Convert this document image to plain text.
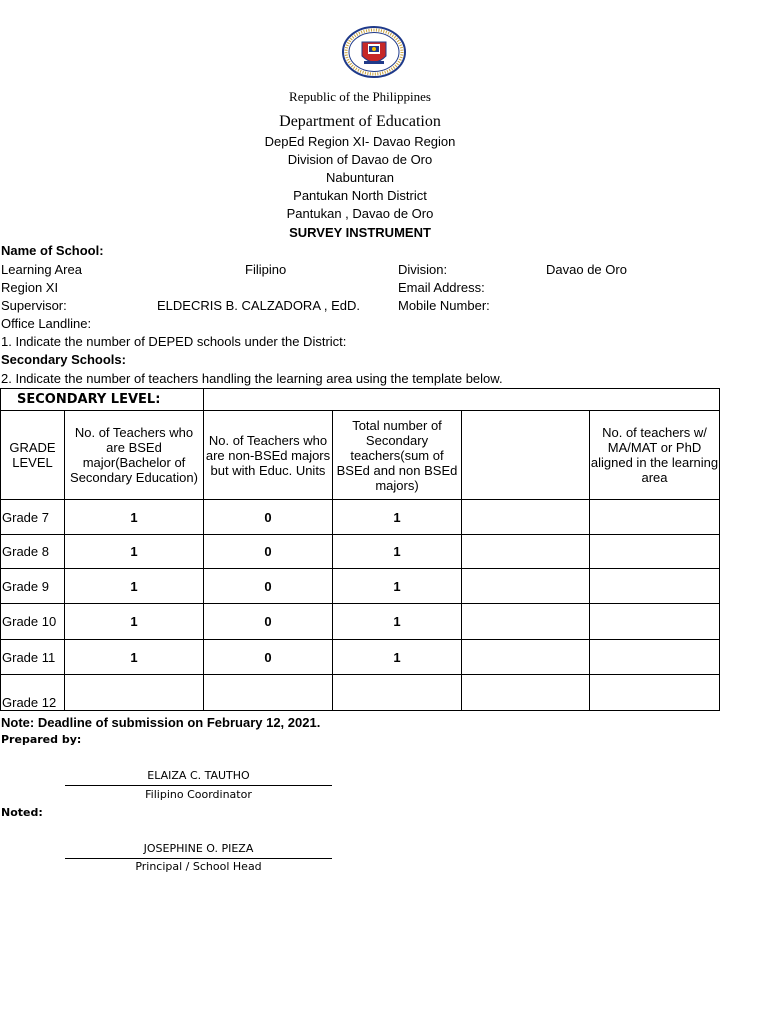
Republic of the Philippines
Department of Education
DepEd Region XI- Davao Region
Division of Davao de Oro
Nabunturan
Pantukan North District
Pantukan , Davao de Oro
SURVEY INSTRUMENT
Name of School:
Learning Area	Filipino	Division:	Davao de Oro
Region XI	Email Address:
Supervisor:	ELDECRIS B. CALZADORA , EdD.	Mobile Number:
Office Landline:
1. Indicate the number of DEPED schools under the District:
Secondary Schools:
2. Indicate the number of teachers handling the learning area using the template below.
SECONDARY LEVEL:					
GRADE LEVEL	No. of Teachers who are BSEd major(Bachelor of Secondary Education)	No. of Teachers who are non-BSEd majors but with Educ. Units	Total number of Secondary teachers(sum of BSEd and non BSEd majors)		No. of teachers w/ MA/MAT or PhD aligned in the learning area
Grade 7	1	0	1		
Grade 8	1	0	1		
Grade 9	1	0	1		
Grade 10	1	0	1		
Grade 11	1	0	1		
Grade 12					
Note: Deadline of submission on February 12, 2021.
Prepared by:
ELAIZA C. TAUTHO
Filipino Coordinator
Noted:
JOSEPHINE O. PIEZA
Principal / School Head
